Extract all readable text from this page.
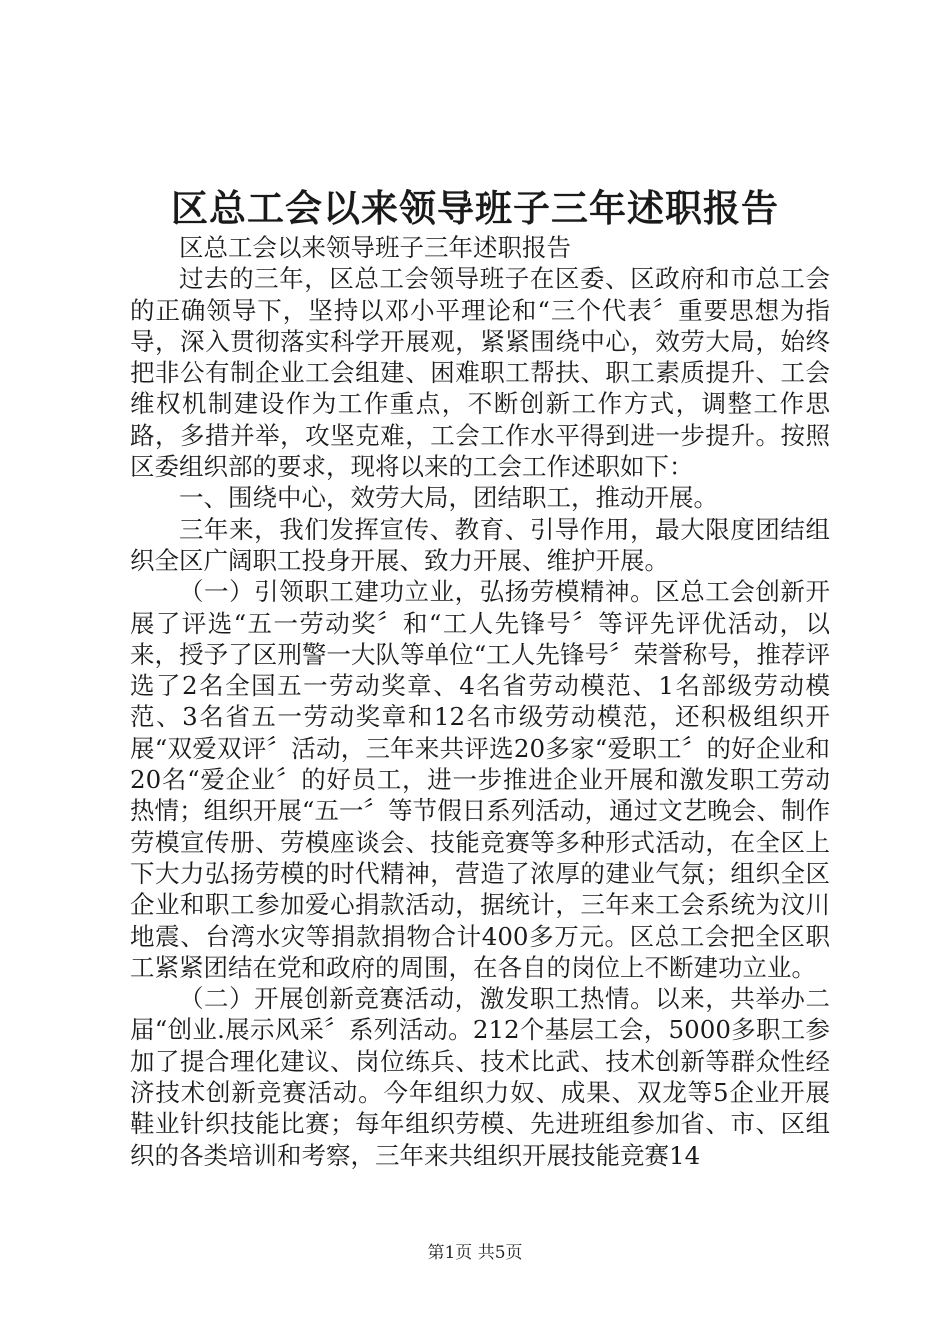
区总工会以来领导班子三年述职报告

区总工会以来领导班子三年述职报告

过去的三年，区总工会领导班子在区委、区政府和市总工会的正确领导下，坚持以邓小平理论和“三个代表〞重要思想为指导，深入贯彻落实科学开展观，紧紧围绕中心，效劳大局，始终把非公有制企业工会组建、困难职工帮扶、职工素质提升、工会维权机制建设作为工作重点，不断创新工作方式，调整工作思路，多措并举，攻坚克难，工会工作水平得到进一步提升。按照区委组织部的要求，现将以来的工会工作述职如下：

一、围绕中心，效劳大局，团结职工，推动开展。

三年来，我们发挥宣传、教育、引导作用，最大限度团结组织全区广阔职工投身开展、致力开展、维护开展。

（一）引领职工建功立业，弘扬劳模精神。区总工会创新开展了评选“五一劳动奖〞和“工人先锋号〞等评先评优活动，以来，授予了区刑警一大队等单位“工人先锋号〞荣誉称号，推荐评选了2名全国五一劳动奖章、4名省劳动模范、1名部级劳动模范、3名省五一劳动奖章和12名市级劳动模范，还积极组织开展“双爱双评〞活动，三年来共评选20多家“爱职工〞的好企业和20名“爱企业〞的好员工，进一步推进企业开展和激发职工劳动热情；组织开展“五一〞等节假日系列活动，通过文艺晚会、制作劳模宣传册、劳模座谈会、技能竞赛等多种形式活动，在全区上下大力弘扬劳模的时代精神，营造了浓厚的建业气氛；组织全区企业和职工参加爱心捐款活动，据统计，三年来工会系统为汶川地震、台湾水灾等捐款捐物合计400多万元。区总工会把全区职工紧紧团结在党和政府的周围，在各自的岗位上不断建功立业。

（二）开展创新竞赛活动，激发职工热情。以来，共举办二届“创业.展示风采〞系列活动。212个基层工会，5000多职工参加了提合理化建议、岗位练兵、技术比武、技术创新等群众性经济技术创新竞赛活动。今年组织力奴、成果、双龙等5企业开展鞋业针织技能比赛；每年组织劳模、先进班组参加省、市、区组织的各类培训和考察，三年来共组织开展技能竞赛14

第1页 共5页
